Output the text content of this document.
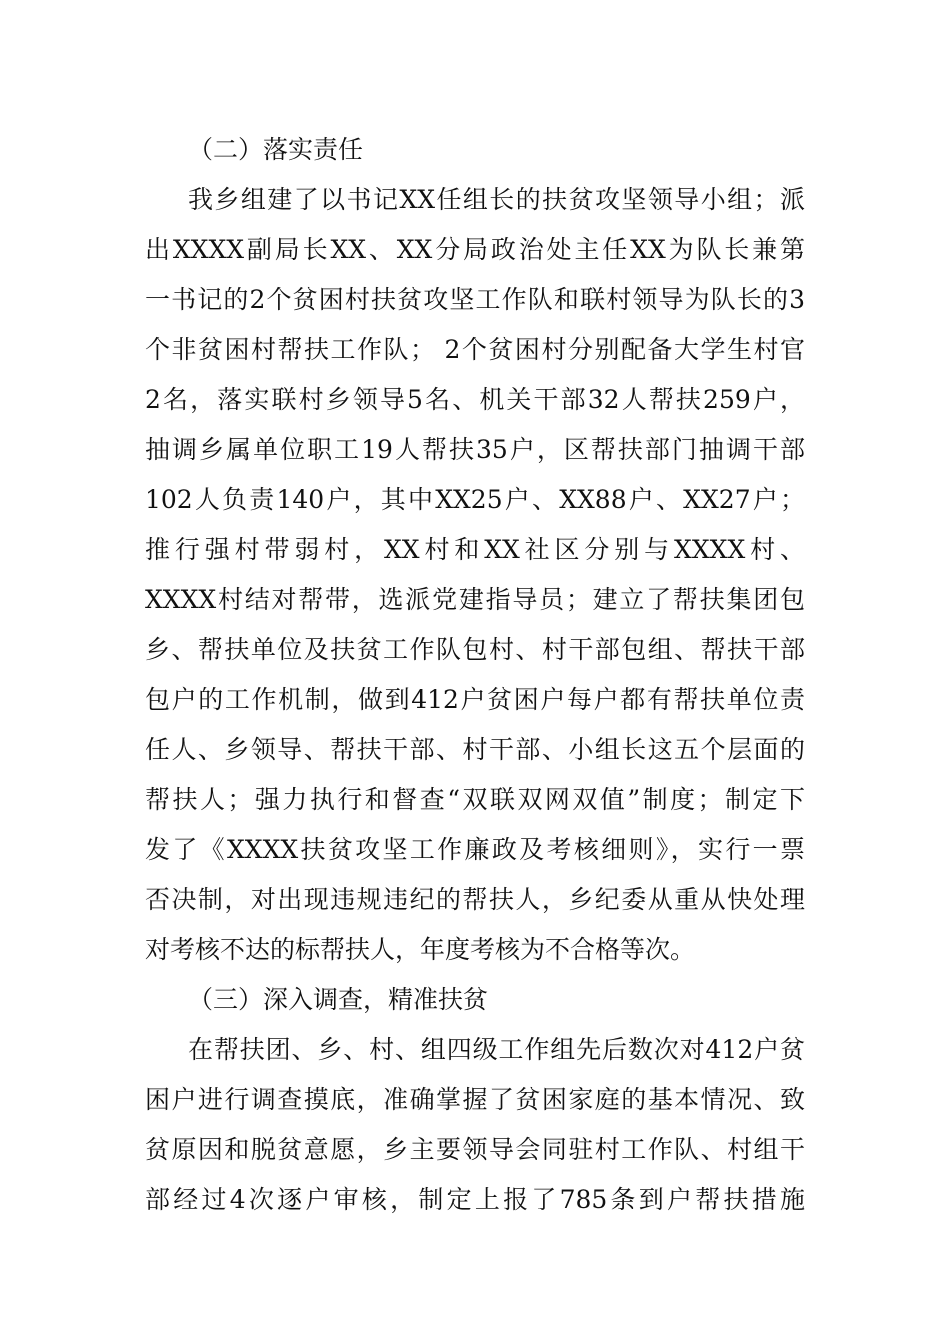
（二）落实责任
我乡组建了以书记XX任组长的扶贫攻坚领导小组；派
出XXXX副局长XX、XX分局政治处主任XX为队长兼第
一书记的2个贫困村扶贫攻坚工作队和联村领导为队长的3
个非贫困村帮扶工作队； 2个贫困村分别配备大学生村官
2名，落实联村乡领导5名、机关干部32人帮扶259户，
抽调乡属单位职工19人帮扶35户，区帮扶部门抽调干部
102人负责140户，其中XX25户、XX88户、XX27户；
推行强村带弱村，XX村和XX社区分别与XXXX村、
XXXX村结对帮带，选派党建指导员；建立了帮扶集团包
乡、帮扶单位及扶贫工作队包村、村干部包组、帮扶干部
包户的工作机制，做到412户贫困户每户都有帮扶单位责
任人、乡领导、帮扶干部、村干部、小组长这五个层面的
帮扶人；强力执行和督查“双联双网双值”制度；制定下
发了《XXXX扶贫攻坚工作廉政及考核细则》，实行一票
否决制，对出现违规违纪的帮扶人，乡纪委从重从快处理
对考核不达的标帮扶人，年度考核为不合格等次。
（三）深入调查，精准扶贫
在帮扶团、乡、村、组四级工作组先后数次对412户贫
困户进行调查摸底，准确掌握了贫困家庭的基本情况、致
贫原因和脱贫意愿，乡主要领导会同驻村工作队、村组干
部经过4次逐户审核，制定上报了785条到户帮扶措施
